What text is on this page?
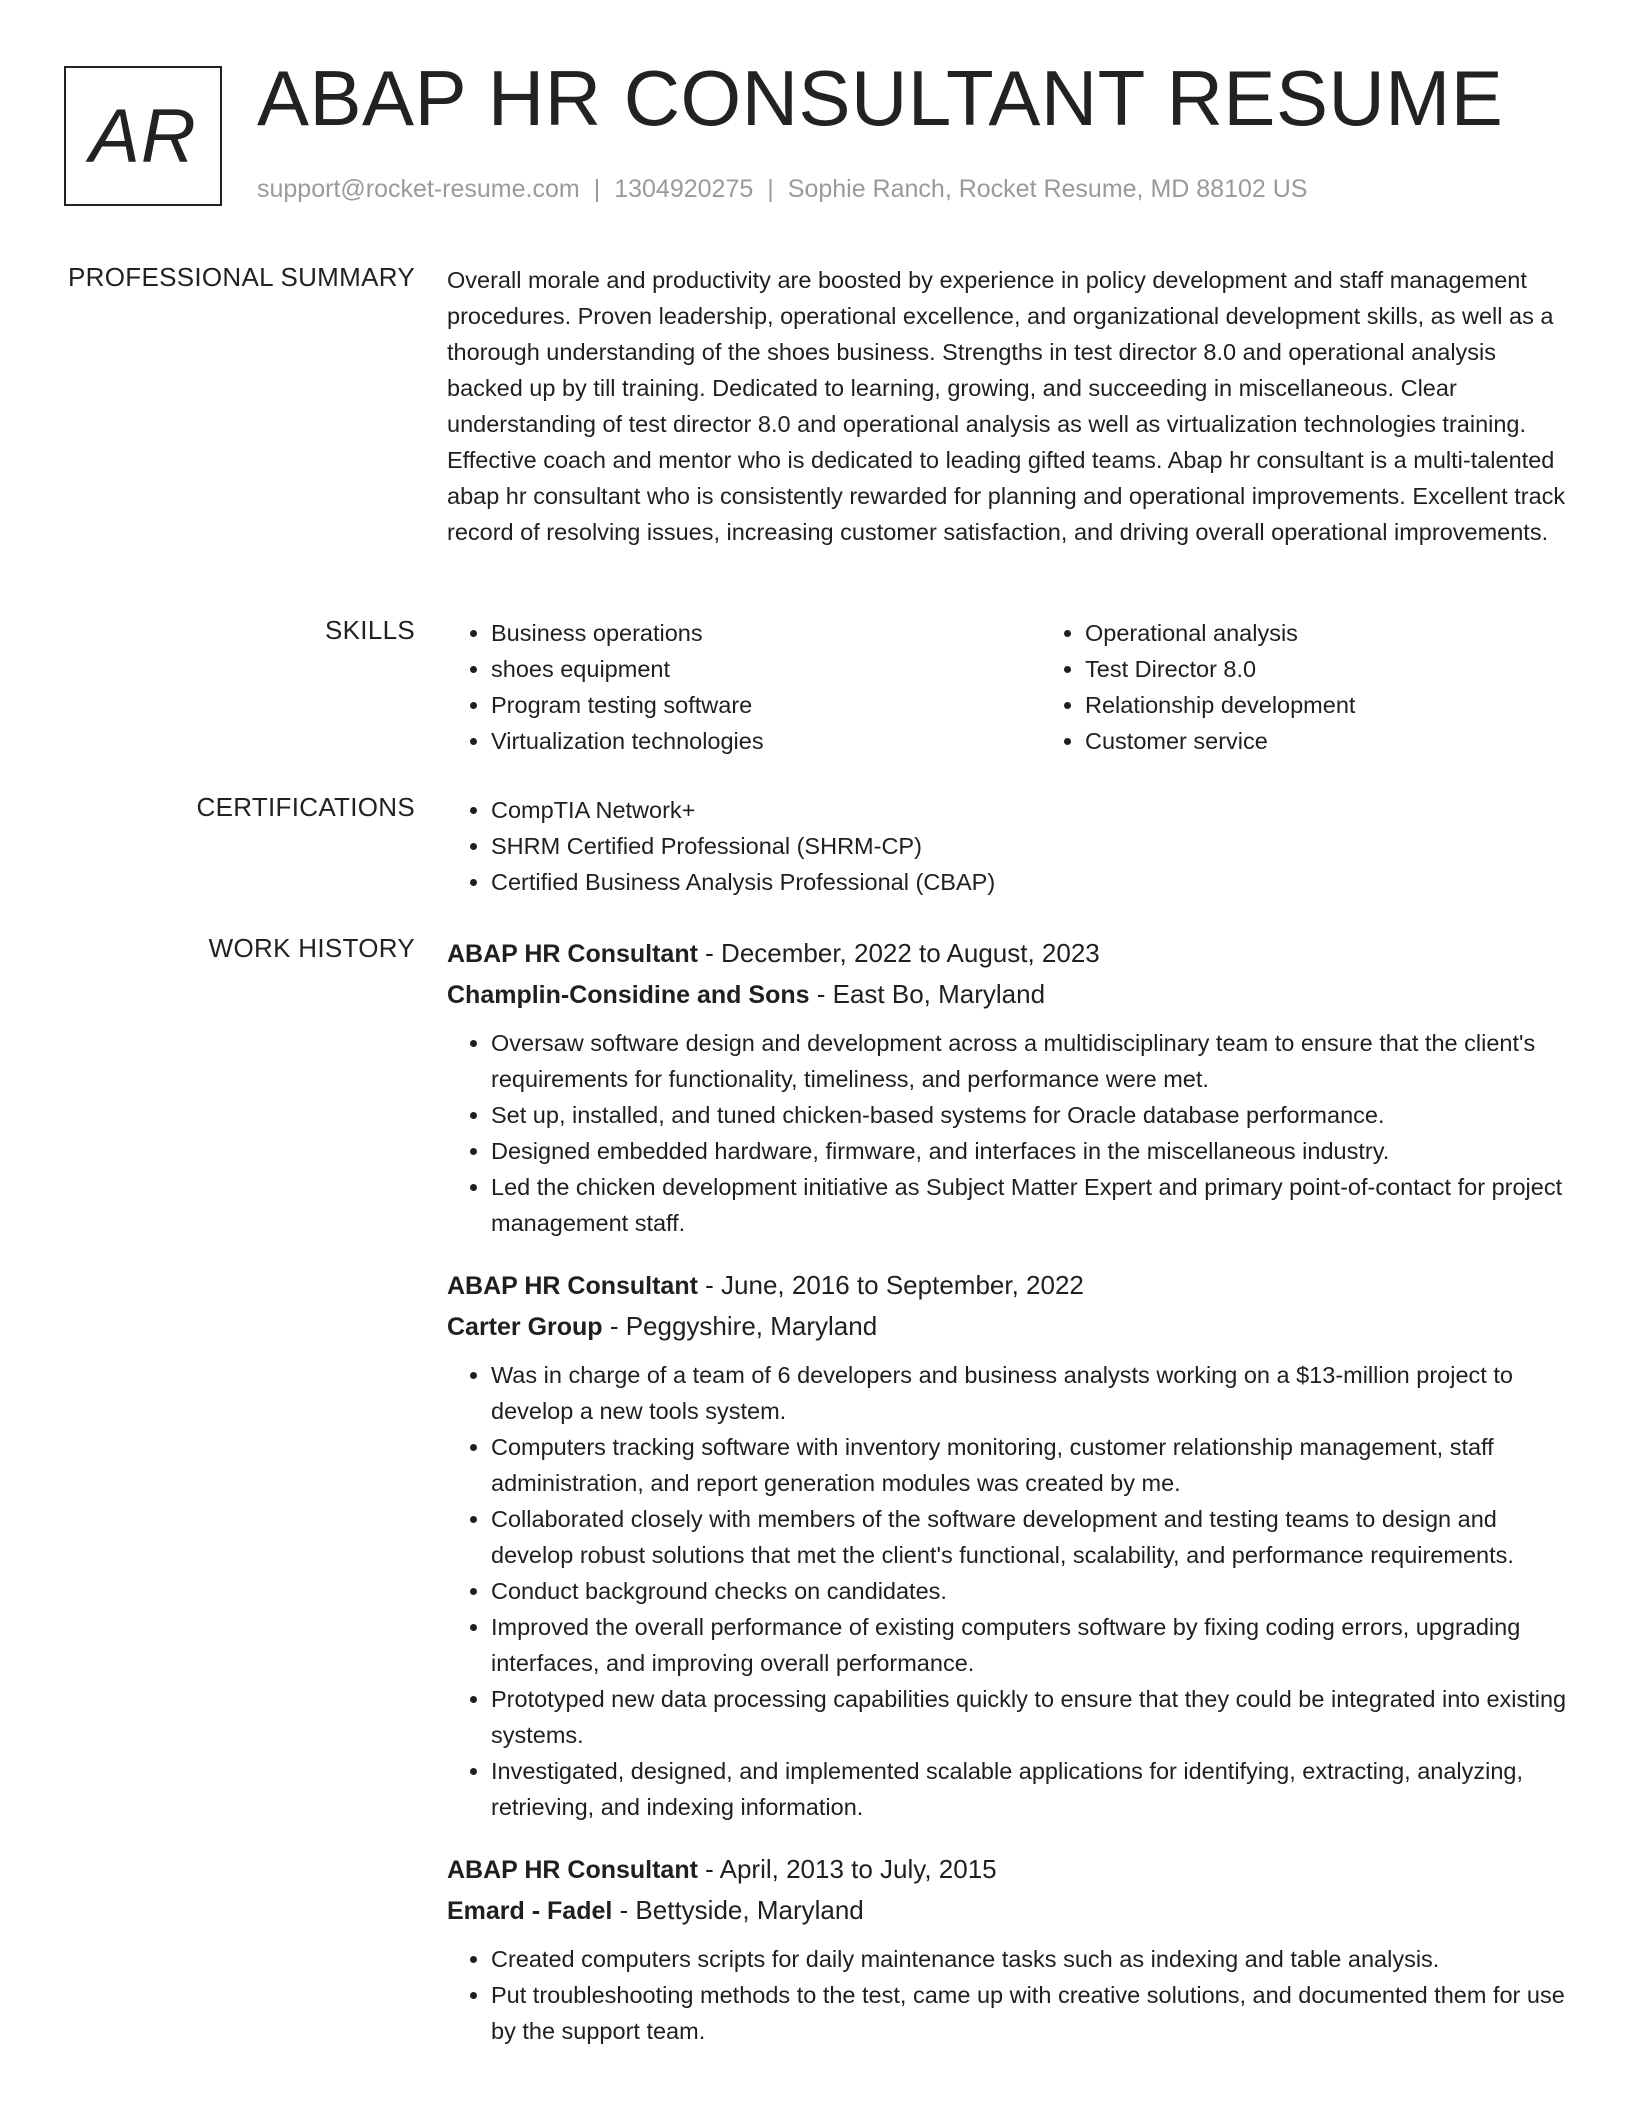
AR ABAP HR CONSULTANT RESUME
support@rocket-resume.com | 1304920275 | Sophie Ranch, Rocket Resume, MD 88102 US
PROFESSIONAL SUMMARY Overall morale and productivity are boosted by experience in policy development and staff management procedures. Proven leadership, operational excellence, and organizational development skills, as well as a thorough understanding of the shoes business. Strengths in test director 8.0 and operational analysis backed up by till training. Dedicated to learning, growing, and succeeding in miscellaneous. Clear understanding of test director 8.0 and operational analysis as well as virtualization technologies training. Effective coach and mentor who is dedicated to leading gifted teams. Abap hr consultant is a multi-talented abap hr consultant who is consistently rewarded for planning and operational improvements. Excellent track record of resolving issues, increasing customer satisfaction, and driving overall operational improvements.
SKILLS	• Business operations
• shoes equipment
• Program testing software
• Virtualization technologies
• Operational analysis
• Test Director 8.0
• Relationship development
• Customer service
CERTIFICATIONS	• CompTIA Network+
• SHRM Certified Professional (SHRM-CP)
• Certified Business Analysis Professional (CBAP)
WORK HISTORY ABAP HR Consultant - December, 2022 to August, 2023
Champlin-Considine and Sons - East Bo, Maryland
• Oversaw software design and development across a multidisciplinary team to ensure that the client's requirements for functionality, timeliness, and performance were met.
• Set up, installed, and tuned chicken-based systems for Oracle database performance.
• Designed embedded hardware, firmware, and interfaces in the miscellaneous industry.
• Led the chicken development initiative as Subject Matter Expert and primary point-of-contact for project management staff.
ABAP HR Consultant - June, 2016 to September, 2022
Carter Group - Peggyshire, Maryland
• Was in charge of a team of 6 developers and business analysts working on a $13-million project to develop a new tools system.
• Computers tracking software with inventory monitoring, customer relationship management, staff administration, and report generation modules was created by me.
• Collaborated closely with members of the software development and testing teams to design and develop robust solutions that met the client's functional, scalability, and performance requirements.
• Conduct background checks on candidates.
• Improved the overall performance of existing computers software by fixing coding errors, upgrading interfaces, and improving overall performance.
• Prototyped new data processing capabilities quickly to ensure that they could be integrated into existing systems.
• Investigated, designed, and implemented scalable applications for identifying, extracting, analyzing, retrieving, and indexing information.
ABAP HR Consultant - April, 2013 to July, 2015
Emard - Fadel - Bettyside, Maryland
• Created computers scripts for daily maintenance tasks such as indexing and table analysis.
• Put troubleshooting methods to the test, came up with creative solutions, and documented them for use by the support team.
